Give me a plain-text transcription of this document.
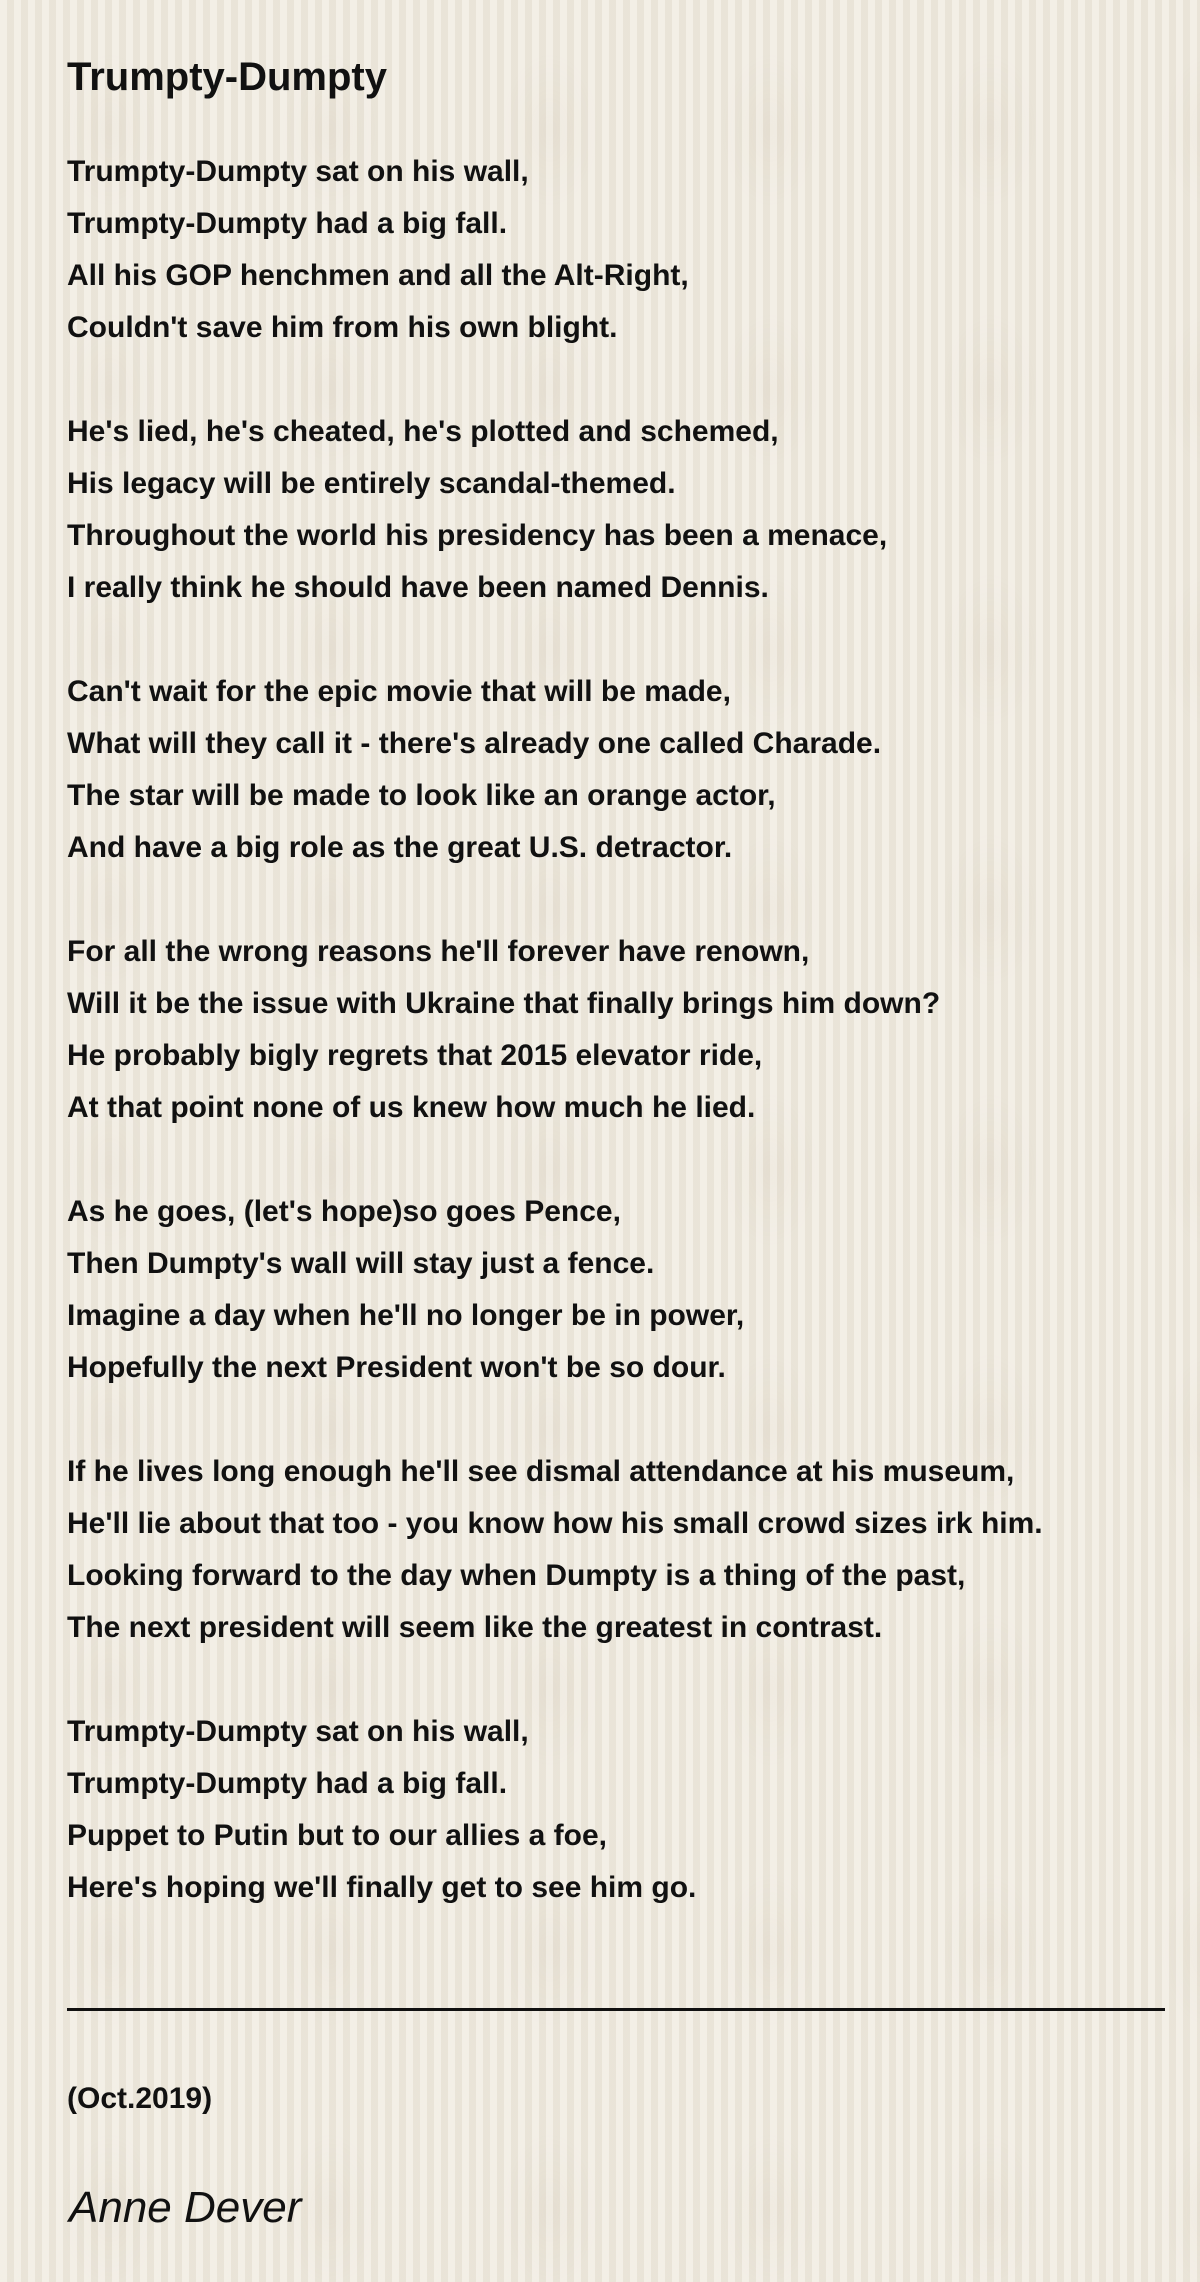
Trumpty-Dumpty
Trumpty-Dumpty sat on his wall,
Trumpty-Dumpty had a big fall.
All his GOP henchmen and all the Alt-Right,
Couldn't save him from his own blight.
He's lied, he's cheated, he's plotted and schemed,
His legacy will be entirely scandal-themed.
Throughout the world his presidency has been a menace,
I really think he should have been named Dennis.
Can't wait for the epic movie that will be made,
What will they call it - there's already one called Charade.
The star will be made to look like an orange actor,
And have a big role as the great U.S. detractor.
For all the wrong reasons he'll forever have renown,
Will it be the issue with Ukraine that finally brings him down?
He probably bigly regrets that 2015 elevator ride,
At that point none of us knew how much he lied.
As he goes, (let's hope)so goes Pence,
Then Dumpty's wall will stay just a fence.
Imagine a day when he'll no longer be in power,
Hopefully the next President won't be so dour.
If he lives long enough he'll see dismal attendance at his museum,
He'll lie about that too - you know how his small crowd sizes irk him.
Looking forward to the day when Dumpty is a thing of the past,
The next president will seem like the greatest in contrast.
Trumpty-Dumpty sat on his wall,
Trumpty-Dumpty had a big fall.
Puppet to Putin but to our allies a foe,
Here's hoping we'll finally get to see him go.
(Oct.2019)
Anne Dever
